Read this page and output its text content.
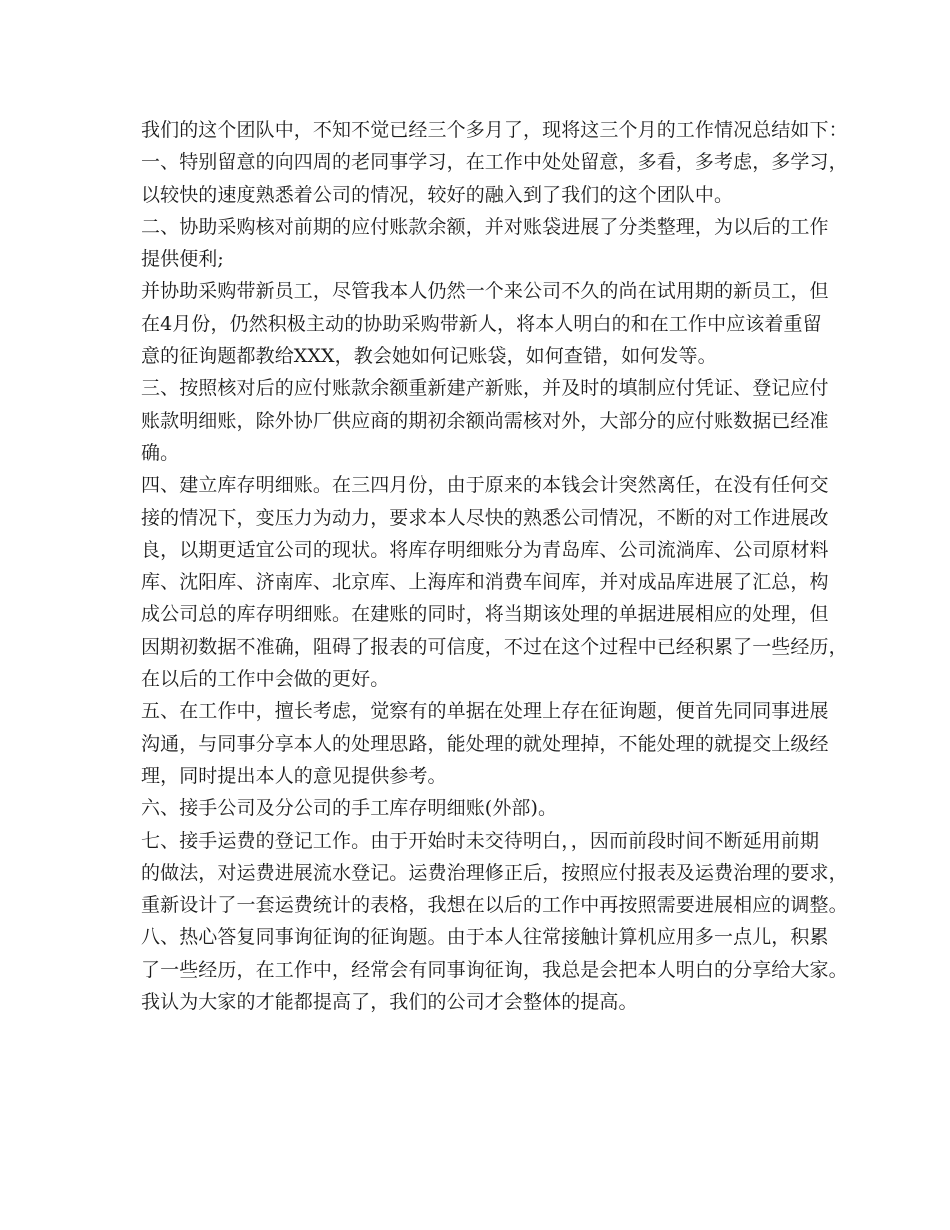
我们的这个团队中，不知不觉已经三个多月了，现将这三个月的工作情况总结如下：
一、特别留意的向四周的老同事学习，在工作中处处留意，多看，多考虑，多学习，
以较快的速度熟悉着公司的情况，较好的融入到了我们的这个团队中。
二、协助采购核对前期的应付账款余额，并对账袋进展了分类整理，为以后的工作
提供便利;
并协助采购带新员工，尽管我本人仍然一个来公司不久的尚在试用期的新员工，但
在4月份，仍然积极主动的协助采购带新人，将本人明白的和在工作中应该着重留
意的征询题都教给XXX，教会她如何记账袋，如何查错，如何发等。
三、按照核对后的应付账款余额重新建产新账，并及时的填制应付凭证、登记应付
账款明细账，除外协厂供应商的期初余额尚需核对外，大部分的应付账数据已经准
确。
四、建立库存明细账。在三四月份，由于原来的本钱会计突然离任，在没有任何交
接的情况下，变压力为动力，要求本人尽快的熟悉公司情况，不断的对工作进展改
良，以期更适宜公司的现状。将库存明细账分为青岛库、公司流淌库、公司原材料
库、沈阳库、济南库、北京库、上海库和消费车间库，并对成品库进展了汇总，构
成公司总的库存明细账。在建账的同时，将当期该处理的单据进展相应的处理，但
因期初数据不准确，阻碍了报表的可信度，不过在这个过程中已经积累了一些经历，
在以后的工作中会做的更好。
五、在工作中，擅长考虑，觉察有的单据在处理上存在征询题，便首先同同事进展
沟通，与同事分享本人的处理思路，能处理的就处理掉，不能处理的就提交上级经
理，同时提出本人的意见提供参考。
六、接手公司及分公司的手工库存明细账(外部)。
七、接手运费的登记工作。由于开始时未交待明白，，因而前段时间不断延用前期
的做法，对运费进展流水登记。运费治理修正后，按照应付报表及运费治理的要求，
重新设计了一套运费统计的表格，我想在以后的工作中再按照需要进展相应的调整。
八、热心答复同事询征询的征询题。由于本人往常接触计算机应用多一点儿，积累
了一些经历，在工作中，经常会有同事询征询，我总是会把本人明白的分享给大家。
我认为大家的才能都提高了，我们的公司才会整体的提高。
